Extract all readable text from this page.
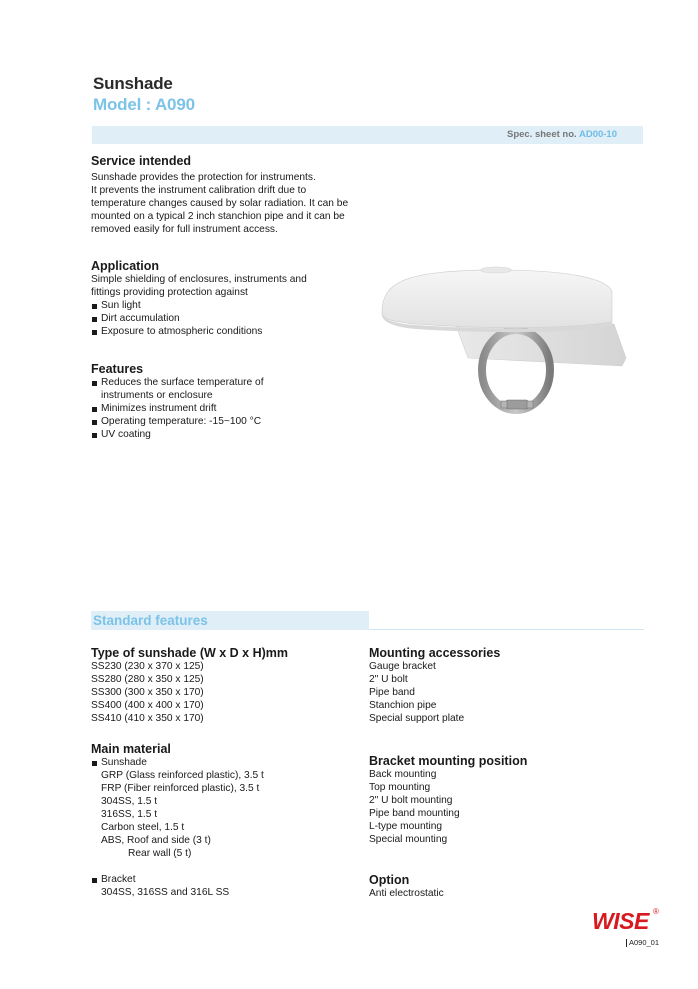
Sunshade
Model : A090
Spec. sheet no. AD00-10
Service intended
Sunshade provides the protection for instruments.
It prevents the instrument calibration drift due to
temperature changes caused by solar radiation. It can be
mounted on a typical 2 inch stanchion pipe and it can be
removed easily for full instrument access.
Application
Simple shielding of enclosures, instruments and
fittings providing protection against
Sun light
Dirt accumulation
Exposure to atmospheric conditions
Features
Reduces the surface temperature of
instruments or enclosure
Minimizes instrument drift
Operating temperature: -15~100 °C
UV coating
Standard features
Type of sunshade (W x D x H)mm
SS230 (230 x 370 x 125)
SS280 (280 x 350 x 125)
SS300 (300 x 350 x 170)
SS400 (400 x 400 x 170)
SS410 (410 x 350 x 170)
Main material
Sunshade
GRP (Glass reinforced plastic), 3.5 t
FRP (Fiber reinforced plastic), 3.5 t
304SS, 1.5 t
316SS, 1.5 t
Carbon steel, 1.5 t
ABS, Roof and side (3 t)
Rear wall (5 t)
Bracket
304SS, 316SS and 316L SS
Mounting accessories
Gauge bracket
2" U bolt
Pipe band
Stanchion pipe
Special support plate
Bracket mounting position
Back mounting
Top mounting
2" U bolt mounting
Pipe band mounting
L-type mounting
Special mounting
Option
Anti electrostatic
WISE ®
A090_01
